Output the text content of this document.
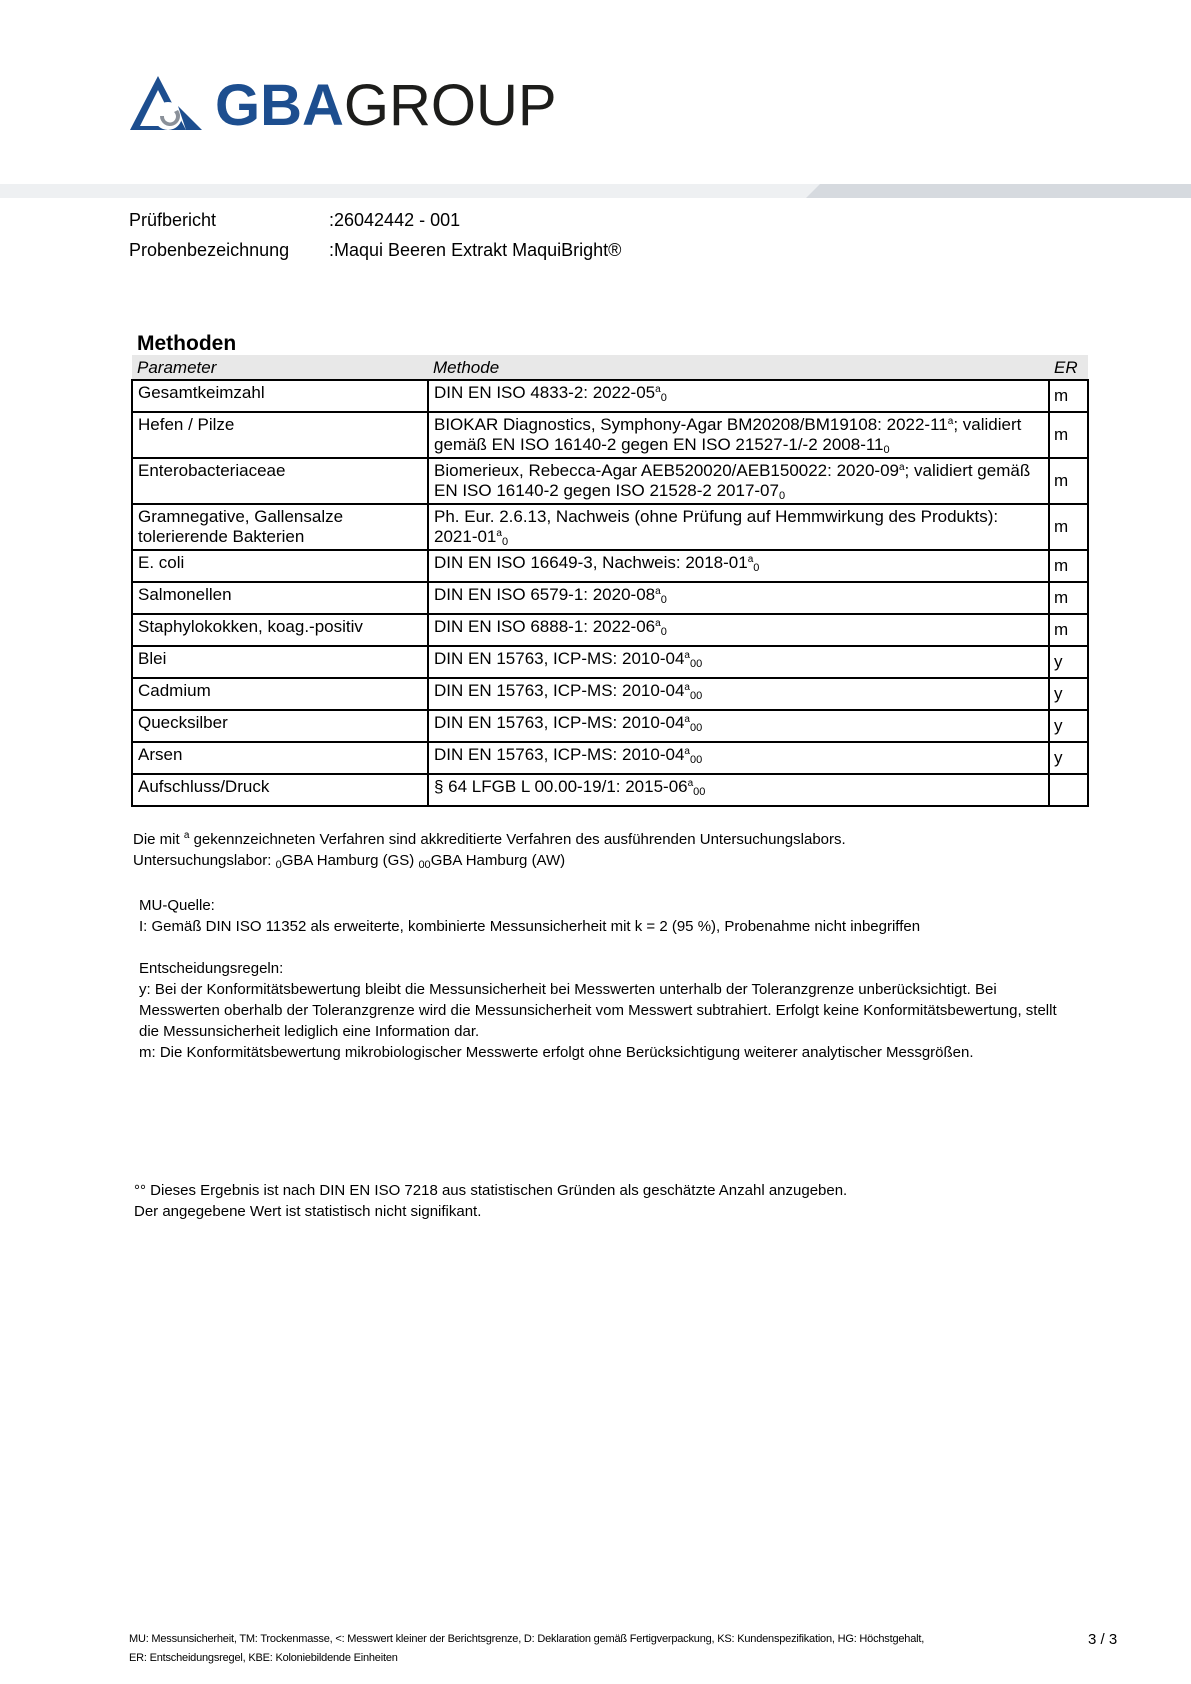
GBAGROUP
Prüfbericht	:26042442 - 001
Probenbezeichnung :Maqui Beeren Extrakt MaquiBright®
Methoden
Parameter	Methode	ER
Gesamtkeimzahl	DIN EN ISO 4833-2: $2022-05^a_0$	m
Hefen / Pilze	BIOKAR Diagnostics, Symphony-Agar BM20208/BM19108: 2022-11$^a$; validiert gemäß EN ISO 16140-2 gegen EN ISO 21527-1/-2 $2008-11_0$	m
Enterobacteriaceae	Biomerieux, Rebecca-Agar AEB520020/AEB150022: 2020-09$^a$; validiert gemäß EN ISO 16140-2 gegen ISO 21528-2 $2017-07_0$	m
Gramnegative, Gallensalze tolerierende Bakterien	Ph. Eur. 2.6.13, Nachweis (ohne Prüfung auf Hemmwirkung des Produkts): $2021-01^a_0$	m
E. coli	DIN EN ISO 16649-3, Nachweis: $2018-01^a_0$	m
Salmonellen	DIN EN ISO 6579-1: $2020-08^a_0$	m
Staphylokokken, koag.-positiv	DIN EN ISO 6888-1: $2022-06^a_0$	m
Blei	DIN EN 15763, ICP-MS: $2010-04^a_{00}$	y
Cadmium	DIN EN 15763, ICP-MS: $2010-04^a_{00}$	y
Quecksilber	DIN EN 15763, ICP-MS: $2010-04^a_{00}$	y
Arsen	DIN EN 15763, ICP-MS: $2010-04^a_{00}$	y
Aufschluss/Druck	§ 64 LFGB L 00.00-19/1: $2015-06^a_{00}$	
Die mit $^a$ gekennzeichneten Verfahren sind akkreditierte Verfahren des ausführenden Untersuchungslabors.
Untersuchungslabor: $_0$GBA Hamburg (GS) $_{00}$GBA Hamburg (AW)
MU-Quelle:
I: Gemäß DIN ISO 11352 als erweiterte, kombinierte Messunsicherheit mit k = 2 (95 %), Probenahme nicht inbegriffen
Entscheidungsregeln:
y: Bei der Konformitätsbewertung bleibt die Messunsicherheit bei Messwerten unterhalb der Toleranzgrenze unberücksichtigt. Bei Messwerten oberhalb der Toleranzgrenze wird die Messunsicherheit vom Messwert subtrahiert. Erfolgt keine Konformitätsbewertung, stellt die Messunsicherheit lediglich eine Information dar.
m: Die Konformitätsbewertung mikrobiologischer Messwerte erfolgt ohne Berücksichtigung weiterer analytischer Messgrößen.
°° Dieses Ergebnis ist nach DIN EN ISO 7218 aus statistischen Gründen als geschätzte Anzahl anzugeben.
Der angegebene Wert ist statistisch nicht signifikant.
MU: Messunsicherheit, TM: Trockenmasse, <: Messwert kleiner der Berichtsgrenze, D: Deklaration gemäß Fertigverpackung, KS: Kundenspezifikation, HG: Höchstgehalt,
ER: Entscheidungsregel, KBE: Koloniebildende Einheiten
3 / 3
